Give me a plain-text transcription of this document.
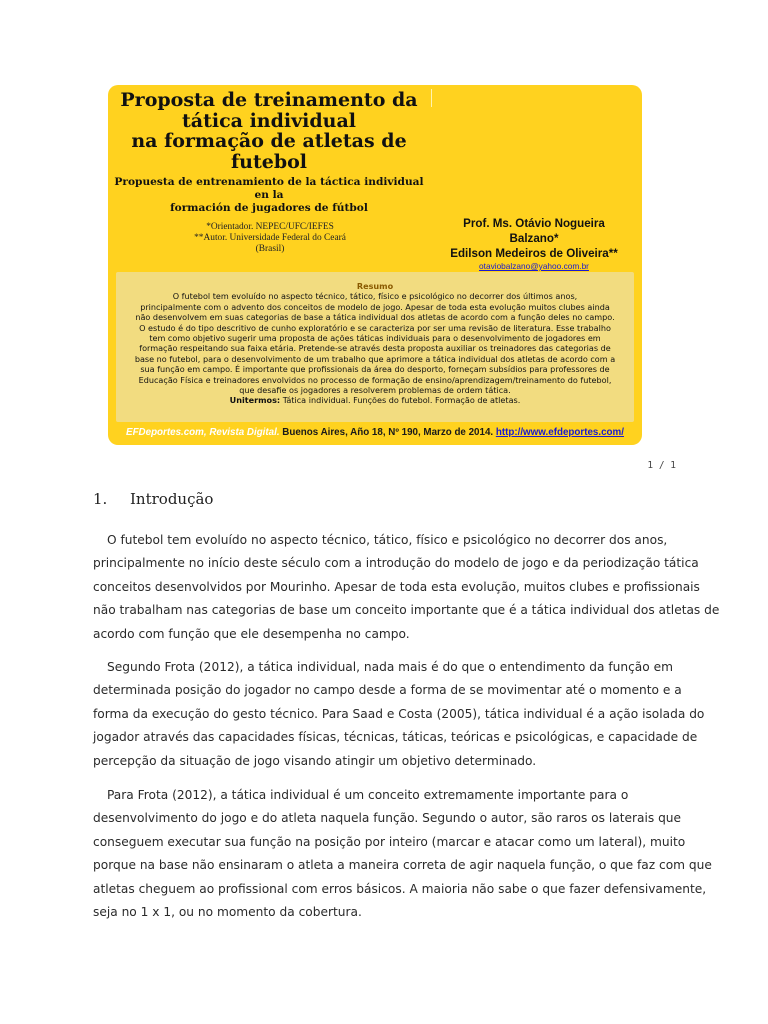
Proposta de treinamento da
tática individual
na formação de atletas de
futebol
Propuesta de entrenamiento de la táctica individual en la
formación de jugadores de fútbol
*Orientador. NEPEC/UFC/IEFES
**Autor. Universidade Federal do Ceará
(Brasil)
Prof. Ms. Otávio Nogueira
Balzano*
Edilson Medeiros de Oliveira**
otaviobalzano@yahoo.com.br
Resumo
O futebol tem evoluído no aspecto técnico, tático, físico e psicológico no decorrer dos últimos anos,
principalmente com o advento dos conceitos de modelo de jogo. Apesar de toda esta evolução muitos clubes ainda
não desenvolvem em suas categorias de base a tática individual dos atletas de acordo com a função deles no campo.
O estudo é do tipo descritivo de cunho exploratório e se caracteriza por ser uma revisão de literatura. Esse trabalho
tem como objetivo sugerir uma proposta de ações táticas individuais para o desenvolvimento de jogadores em
formação respeitando sua faixa etária. Pretende-se através desta proposta auxiliar os treinadores das categorias de
base no futebol, para o desenvolvimento de um trabalho que aprimore a tática individual dos atletas de acordo com a
sua função em campo. É importante que profissionais da área do desporto, forneçam subsídios para professores de
Educação Física e treinadores envolvidos no processo de formação de ensino/aprendizagem/treinamento do futebol,
que desafie os jogadores a resolverem problemas de ordem tática.
Unitermos: Tática individual. Funções do futebol. Formação de atletas.
EFDeportes.com, Revista Digital. Buenos Aires, Año 18, Nº 190, Marzo de 2014. http://www.efdeportes.com/
1 / 1
1. Introdução
O futebol tem evoluído no aspecto técnico, tático, físico e psicológico no decorrer dos anos,
principalmente no início deste século com a introdução do modelo de jogo e da periodização tática
conceitos desenvolvidos por Mourinho. Apesar de toda esta evolução, muitos clubes e profissionais
não trabalham nas categorias de base um conceito importante que é a tática individual dos atletas de
acordo com função que ele desempenha no campo.
Segundo Frota (2012), a tática individual, nada mais é do que o entendimento da função em
determinada posição do jogador no campo desde a forma de se movimentar até o momento e a
forma da execução do gesto técnico. Para Saad e Costa (2005), tática individual é a ação isolada do
jogador através das capacidades físicas, técnicas, táticas, teóricas e psicológicas, e capacidade de
percepção da situação de jogo visando atingir um objetivo determinado.
Para Frota (2012), a tática individual é um conceito extremamente importante para o
desenvolvimento do jogo e do atleta naquela função. Segundo o autor, são raros os laterais que
conseguem executar sua função na posição por inteiro (marcar e atacar como um lateral), muito
porque na base não ensinaram o atleta a maneira correta de agir naquela função, o que faz com que
atletas cheguem ao profissional com erros básicos. A maioria não sabe o que fazer defensivamente,
seja no 1 x 1, ou no momento da cobertura.
